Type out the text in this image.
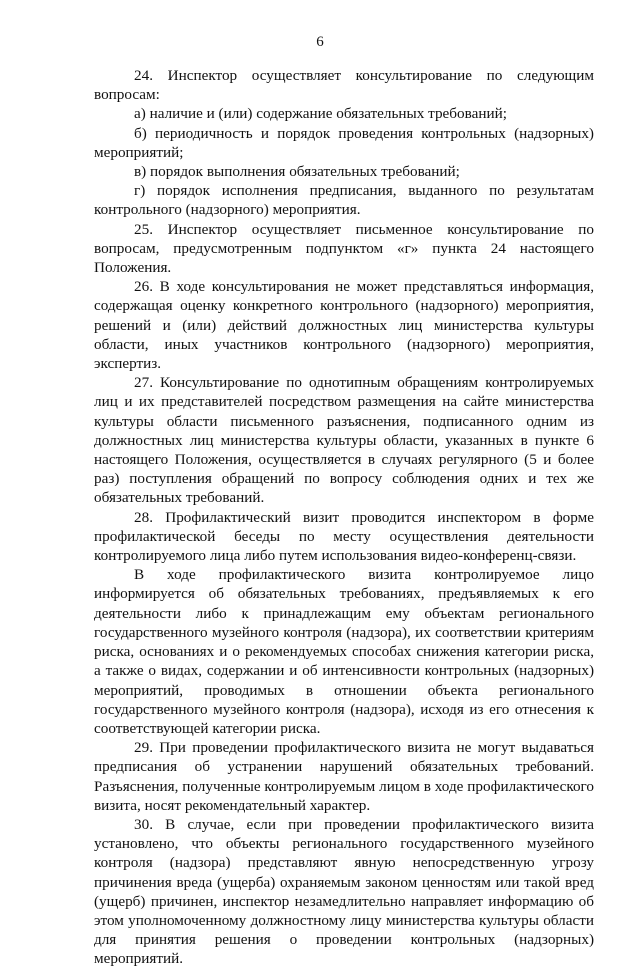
6

24. Инспектор осуществляет консультирование по следующим вопросам:

а) наличие и (или) содержание обязательных требований;

б) периодичность и порядок проведения контрольных (надзорных) мероприятий;

в) порядок выполнения обязательных требований;

г) порядок исполнения предписания, выданного по результатам контрольного (надзорного) мероприятия.

25. Инспектор осуществляет письменное консультирование по вопросам, предусмотренным подпунктом «г» пункта 24 настоящего Положения.

26. В ходе консультирования не может представляться информация, содержащая оценку конкретного контрольного (надзорного) мероприятия, решений и (или) действий должностных лиц министерства культуры области, иных участников контрольного (надзорного) мероприятия, экспертиз.

27. Консультирование по однотипным обращениям контролируемых лиц и их представителей посредством размещения на сайте министерства культуры области письменного разъяснения, подписанного одним из должностных лиц министерства культуры области, указанных в пункте 6 настоящего Положения, осуществляется в случаях регулярного (5 и более раз) поступления обращений по вопросу соблюдения одних и тех же обязательных требований.

28. Профилактический визит проводится инспектором в форме профилактической беседы по месту осуществления деятельности контролируемого лица либо путем использования видео-конференц-связи.

В ходе профилактического визита контролируемое лицо информируется об обязательных требованиях, предъявляемых к его деятельности либо к принадлежащим ему объектам регионального государственного музейного контроля (надзора), их соответствии критериям риска, основаниях и о рекомендуемых способах снижения категории риска, а также о видах, содержании и об интенсивности контрольных (надзорных) мероприятий, проводимых в отношении объекта регионального государственного музейного контроля (надзора), исходя из его отнесения к соответствующей категории риска.

29. При проведении профилактического визита не могут выдаваться предписания об устранении нарушений обязательных требований. Разъяснения, полученные контролируемым лицом в ходе профилактического визита, носят рекомендательный характер.

30. В случае, если при проведении профилактического визита установлено, что объекты регионального государственного музейного контроля (надзора) представляют явную непосредственную угрозу причинения вреда (ущерба) охраняемым законом ценностям или такой вред (ущерб) причинен, инспектор незамедлительно направляет информацию об этом уполномоченному должностному лицу министерства культуры области для принятия решения о проведении контрольных (надзорных) мероприятий.
